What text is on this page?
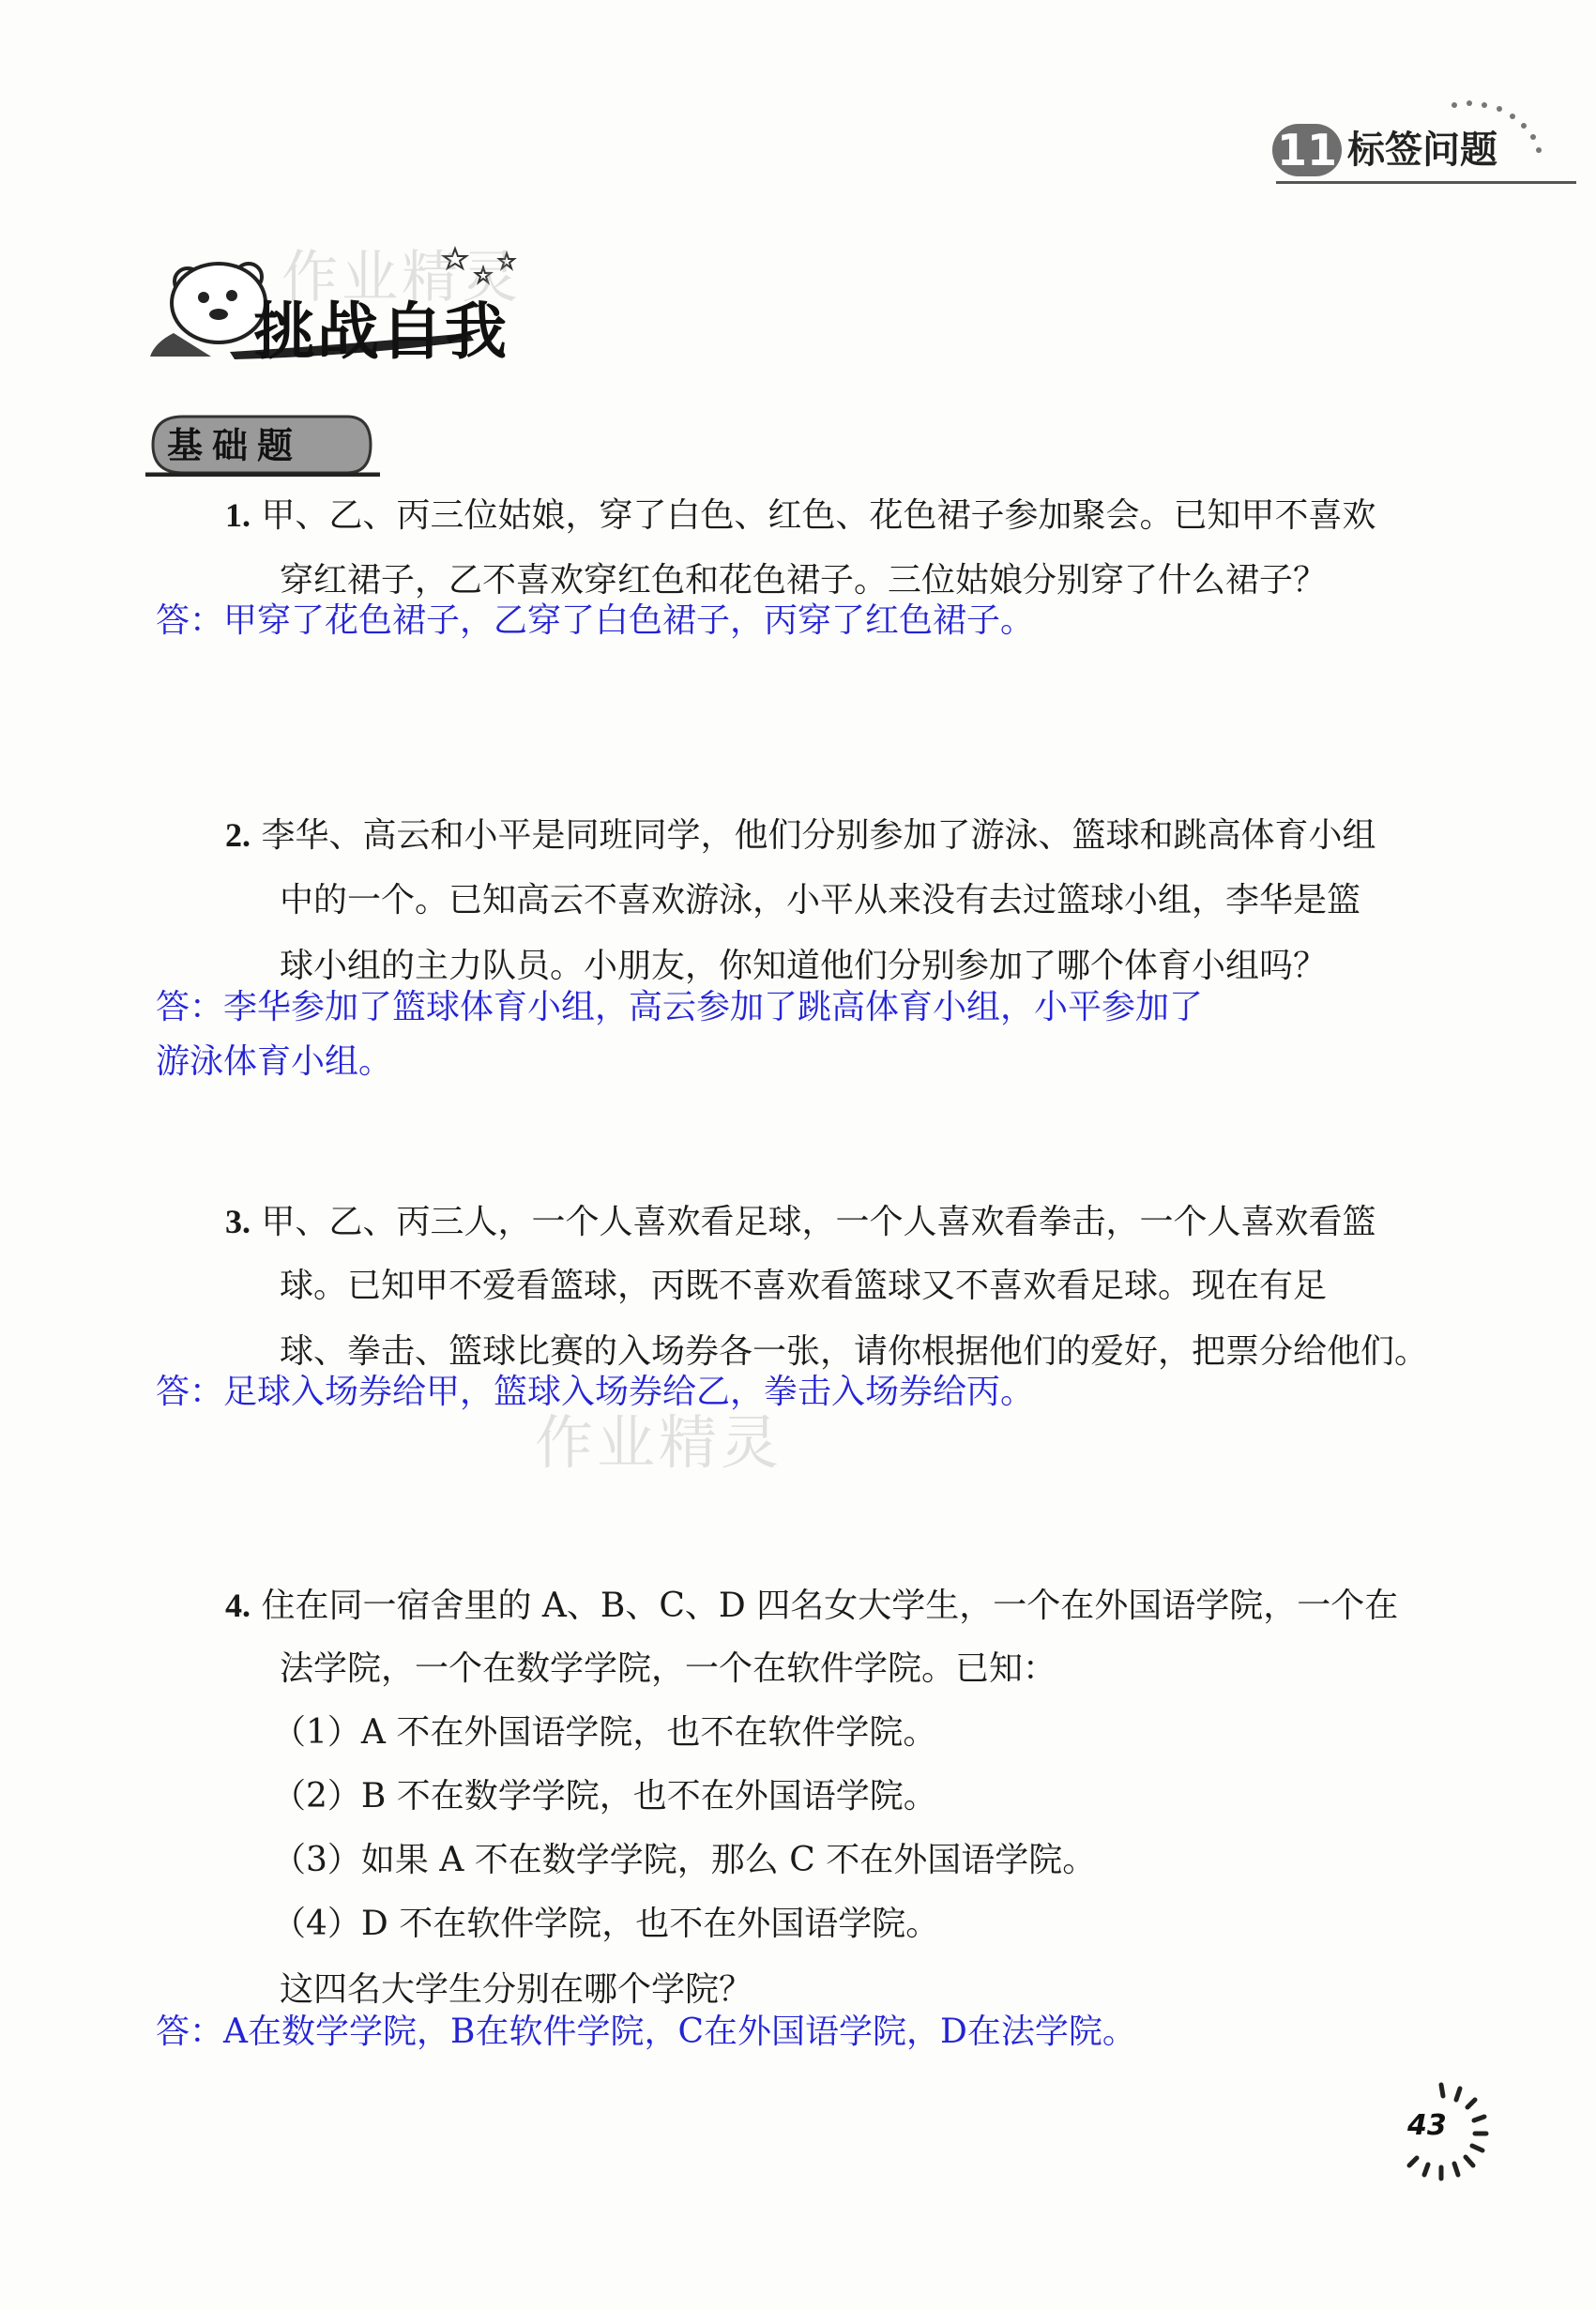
11 标签问题
作业精灵
挑战自我
基础题
1. 甲、乙、丙三位姑娘，穿了白色、红色、花色裙子参加聚会。已知甲不喜欢
穿红裙子，乙不喜欢穿红色和花色裙子。三位姑娘分别穿了什么裙子？
答：甲穿了花色裙子，乙穿了白色裙子，丙穿了红色裙子。
2. 李华、高云和小平是同班同学，他们分别参加了游泳、篮球和跳高体育小组
中的一个。已知高云不喜欢游泳，小平从来没有去过篮球小组，李华是篮
球小组的主力队员。小朋友，你知道他们分别参加了哪个体育小组吗？
答：李华参加了篮球体育小组，高云参加了跳高体育小组，小平参加了
游泳体育小组。
3. 甲、乙、丙三人，一个人喜欢看足球，一个人喜欢看拳击，一个人喜欢看篮
球。已知甲不爱看篮球，丙既不喜欢看篮球又不喜欢看足球。现在有足
球、拳击、篮球比赛的入场券各一张，请你根据他们的爱好，把票分给他们。
答：足球入场券给甲，篮球入场券给乙，拳击入场券给丙。
作业精灵
4. 住在同一宿舍里的 A、B、C、D 四名女大学生，一个在外国语学院，一个在
法学院，一个在数学学院，一个在软件学院。已知：
（1）A 不在外国语学院，也不在软件学院。
（2）B 不在数学学院，也不在外国语学院。
（3）如果 A 不在数学学院，那么 C 不在外国语学院。
（4）D 不在软件学院，也不在外国语学院。
这四名大学生分别在哪个学院？
答：A在数学学院，B在软件学院，C在外国语学院，D在法学院。
43
